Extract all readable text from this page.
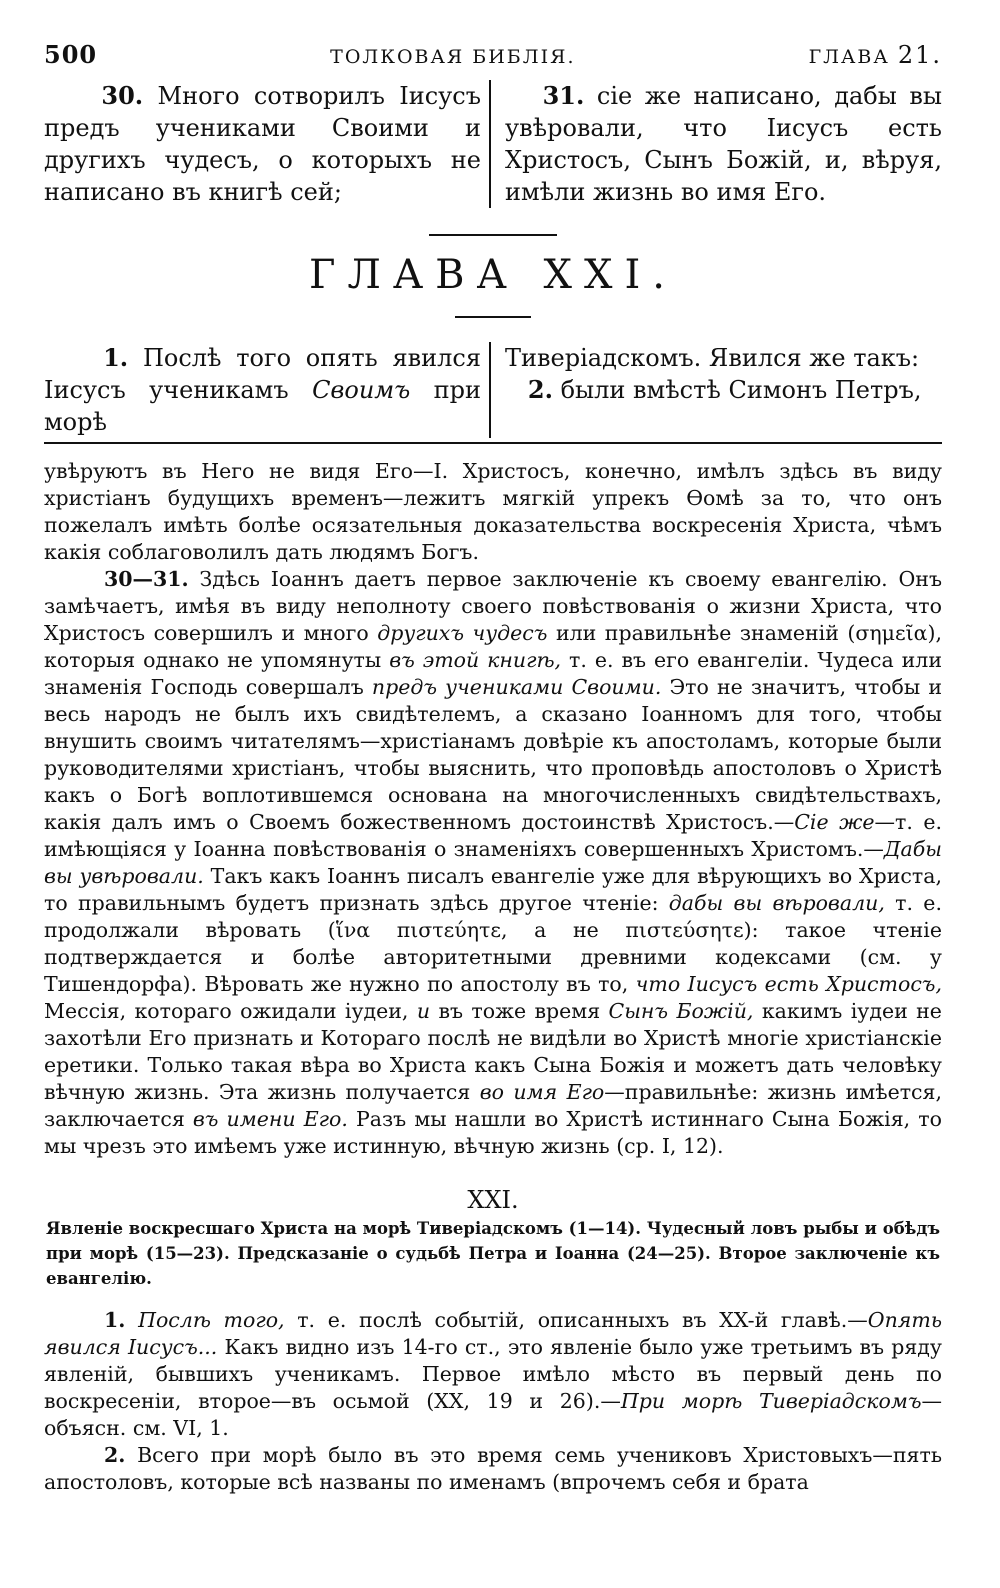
500	ТОЛКОВАЯ БИБЛІЯ.	ГЛАВА 21.
30. Много сотворилъ Іисусъ предъ учениками Своими и другихъ чудесъ, о которыхъ не написано въ книгѣ сей;
31. сіе же написано, дабы вы увѣровали, что Іисусъ есть Христосъ, Сынъ Божій, и, вѣруя, имѣли жизнь во имя Его.
ГЛАВА XXI.
1. Послѣ того опять явился Іисусъ ученикамъ Своимъ при морѣ
Тиверіадскомъ. Явился же такъ:
2. были вмѣстѣ Симонъ Петръ,

увѣруютъ въ Него не видя Его—І. Христосъ, конечно, имѣлъ здѣсь въ виду христіанъ будущихъ временъ—лежитъ мягкій упрекъ Ѳомѣ за то, что онъ пожелалъ имѣть болѣе осязательныя доказательства воскресенія Христа, чѣмъ какія соблаговолилъ дать людямъ Богъ.

30—31. Здѣсь Іоаннъ даетъ первое заключеніе къ своему евангелію. Онъ замѣчаетъ, имѣя въ виду неполноту своего повѣствованія о жизни Христа, что Христосъ совершилъ и много другихъ чудесъ или правильнѣе знаменій (σημεῖα), которыя однако не упомянуты въ этой книгѣ, т. е. въ его евангеліи. Чудеса или знаменія Господь совершалъ предъ учениками Своими. Это не значитъ, чтобы и весь народъ не былъ ихъ свидѣтелемъ, а сказано Іоанномъ для того, чтобы внушить своимъ читателямъ—христіанамъ довѣріе къ апостоламъ, которые были руководителями христіанъ, чтобы выяснить, что проповѣдь апостоловъ о Христѣ какъ о Богѣ воплотившемся основана на многочисленныхъ свидѣтельствахъ, какія далъ имъ о Своемъ божественномъ достоинствѣ Христосъ.—Сіе же—т. е. имѣющіяся у Іоанна повѣствованія о знаменіяхъ совершенныхъ Христомъ.—Дабы вы увѣровали. Такъ какъ Іоаннъ писалъ евангеліе уже для вѣрующихъ во Христа, то правильнымъ будетъ признать здѣсь другое чтеніе: дабы вы вѣровали, т. е. продолжали вѣровать (ἵνα πιστεύητε, а не πιστεύσητε): такое чтеніе подтверждается и болѣе авторитетными древними кодексами (см. у Тишендорфа). Вѣровать же нужно по апостолу въ то, что Іисусъ есть Христосъ, Мессія, котораго ожидали іудеи, и въ тоже время Сынъ Божій, какимъ іудеи не захотѣли Его признать и Котораго послѣ не видѣли во Христѣ многіе христіанскіе еретики. Только такая вѣра во Христа какъ Сына Божія и можетъ дать человѣку вѣчную жизнь. Эта жизнь получается во имя Его—правильнѣе: жизнь имѣется, заключается въ имени Его. Разъ мы нашли во Христѣ истиннаго Сына Божія, то мы чрезъ это имѣемъ уже истинную, вѣчную жизнь (ср. I, 12).

XXI.
Явленіе воскресшаго Христа на морѣ Тиверіадскомъ (1—14). Чудесный ловъ рыбы и обѣдъ при морѣ (15—23). Предсказаніе о судьбѣ Петра и Іоанна (24—25). Второе заключеніе къ евангелію.

1. Послѣ того, т. е. послѣ событій, описанныхъ въ XX-й главѣ.—Опять явился Іисусъ... Какъ видно изъ 14-го ст., это явленіе было уже третьимъ въ ряду явленій, бывшихъ ученикамъ. Первое имѣло мѣсто въ первый день по воскресеніи, второе—въ осьмой (XX, 19 и 26).—При морѣ Тиверіадскомъ—объясн. см. VI, 1.

2. Всего при морѣ было въ это время семь учениковъ Христовыхъ—пять апостоловъ, которые всѣ названы по именамъ (впрочемъ себя и брата
